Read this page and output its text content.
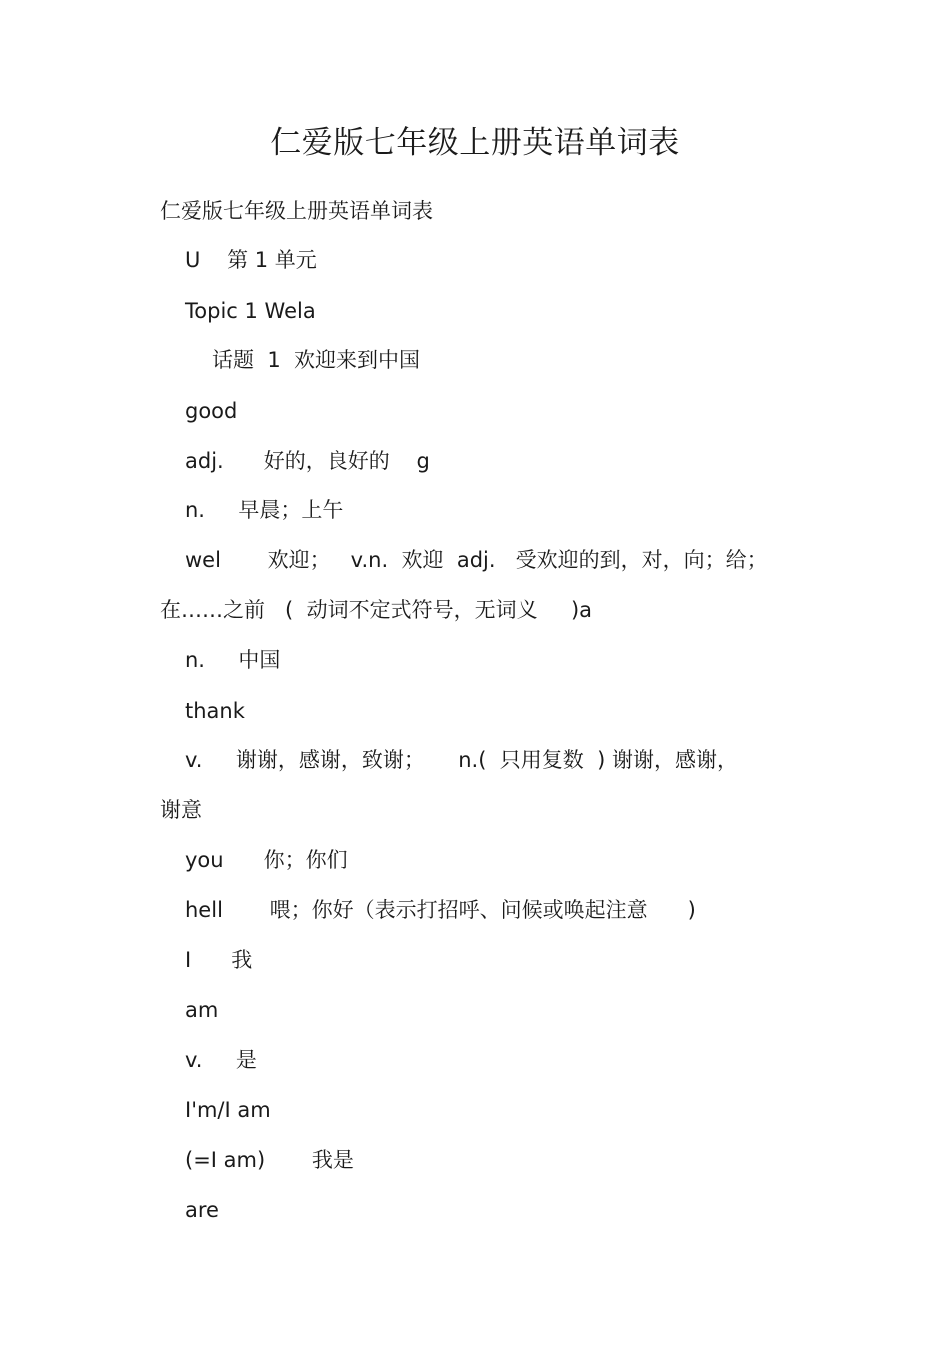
仁爱版七年级上册英语单词表
仁爱版七年级上册英语单词表
U    第 1 单元
Topic 1 Wela
话题  1  欢迎来到中国
good
adj.      好的，良好的    g
n.     早晨；上午
wel       欢迎；   v.n.  欢迎  adj.   受欢迎的到，对，向；给；
在……之前   (  动词不定式符号，无词义     )a
n.     中国
thank
v.     谢谢，感谢，致谢；     n.(  只用复数  ) 谢谢，感谢，
谢意
you      你；你们
hell       喂；你好（表示打招呼、问候或唤起注意      )
I      我
am
v.     是
I'm/I am
(=I am)       我是
are
